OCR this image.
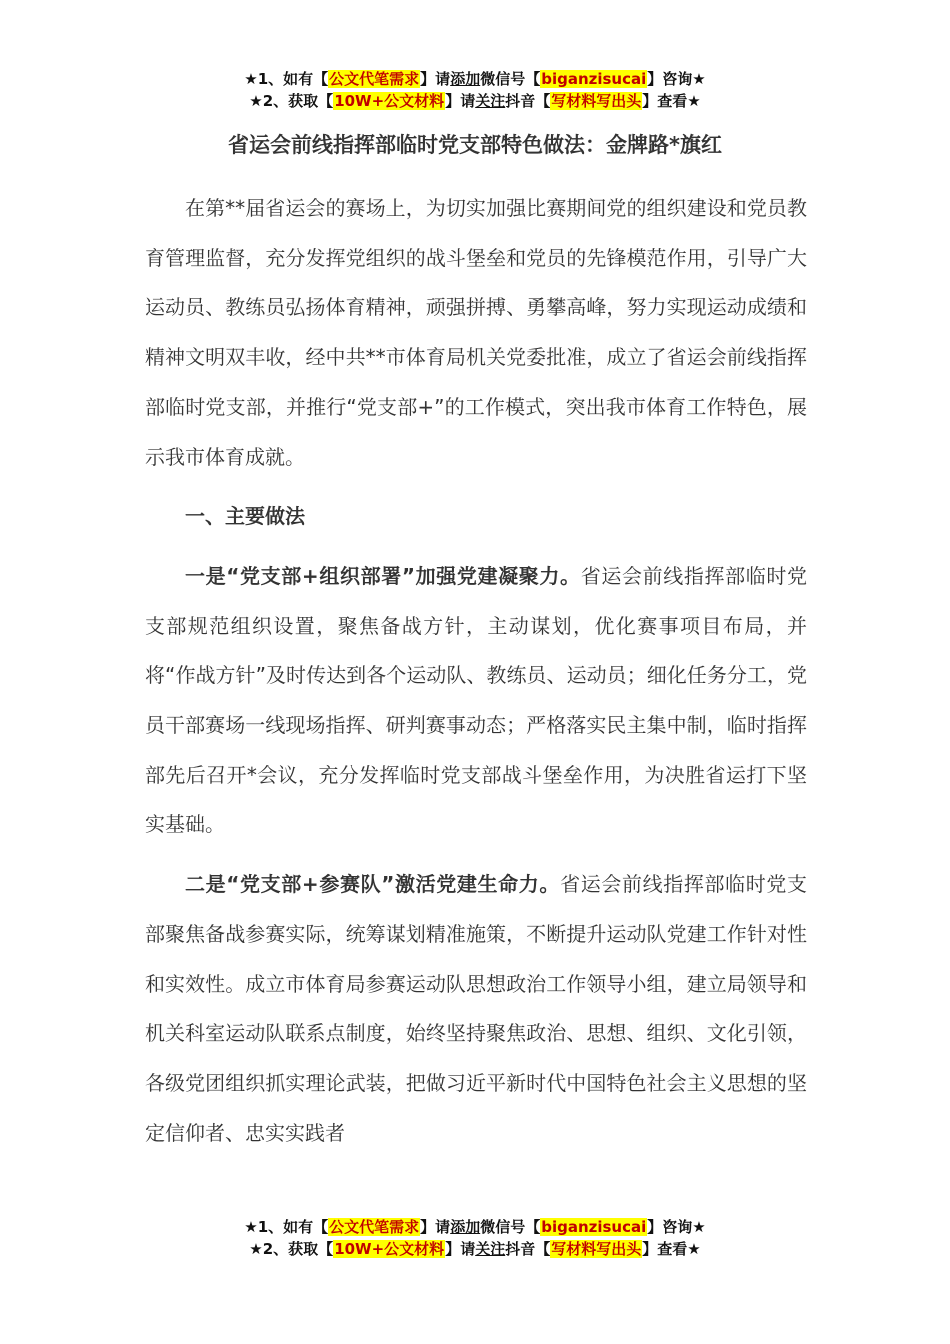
★1、如有【公文代笔需求】请添加微信号【biganzisucai】咨询★
★2、获取【10W+公文材料】请关注抖音【写材料写出头】查看★
省运会前线指挥部临时党支部特色做法：金牌路*旗红

在第**届省运会的赛场上，为切实加强比赛期间党的组织建设和党员教育管理监督，充分发挥党组织的战斗堡垒和党员的先锋模范作用，引导广大运动员、教练员弘扬体育精神，顽强拼搏、勇攀高峰，努力实现运动成绩和精神文明双丰收，经中共**市体育局机关党委批准，成立了省运会前线指挥部临时党支部，并推行“党支部+”的工作模式，突出我市体育工作特色，展示我市体育成就。

一、主要做法

一是“党支部+组织部署”加强党建凝聚力。省运会前线指挥部临时党支部规范组织设置，聚焦备战方针，主动谋划，优化赛事项目布局，并将“作战方针”及时传达到各个运动队、教练员、运动员；细化任务分工，党员干部赛场一线现场指挥、研判赛事动态；严格落实民主集中制，临时指挥部先后召开*会议，充分发挥临时党支部战斗堡垒作用，为决胜省运打下坚实基础。

二是“党支部+参赛队”激活党建生命力。省运会前线指挥部临时党支部聚焦备战参赛实际，统筹谋划精准施策，不断提升运动队党建工作针对性和实效性。成立市体育局参赛运动队思想政治工作领导小组，建立局领导和机关科室运动队联系点制度，始终坚持聚焦政治、思想、组织、文化引领，各级党团组织抓实理论武装，把做习近平新时代中国特色社会主义思想的坚定信仰者、忠实实践者

★1、如有【公文代笔需求】请添加微信号【biganzisucai】咨询★
★2、获取【10W+公文材料】请关注抖音【写材料写出头】查看★
